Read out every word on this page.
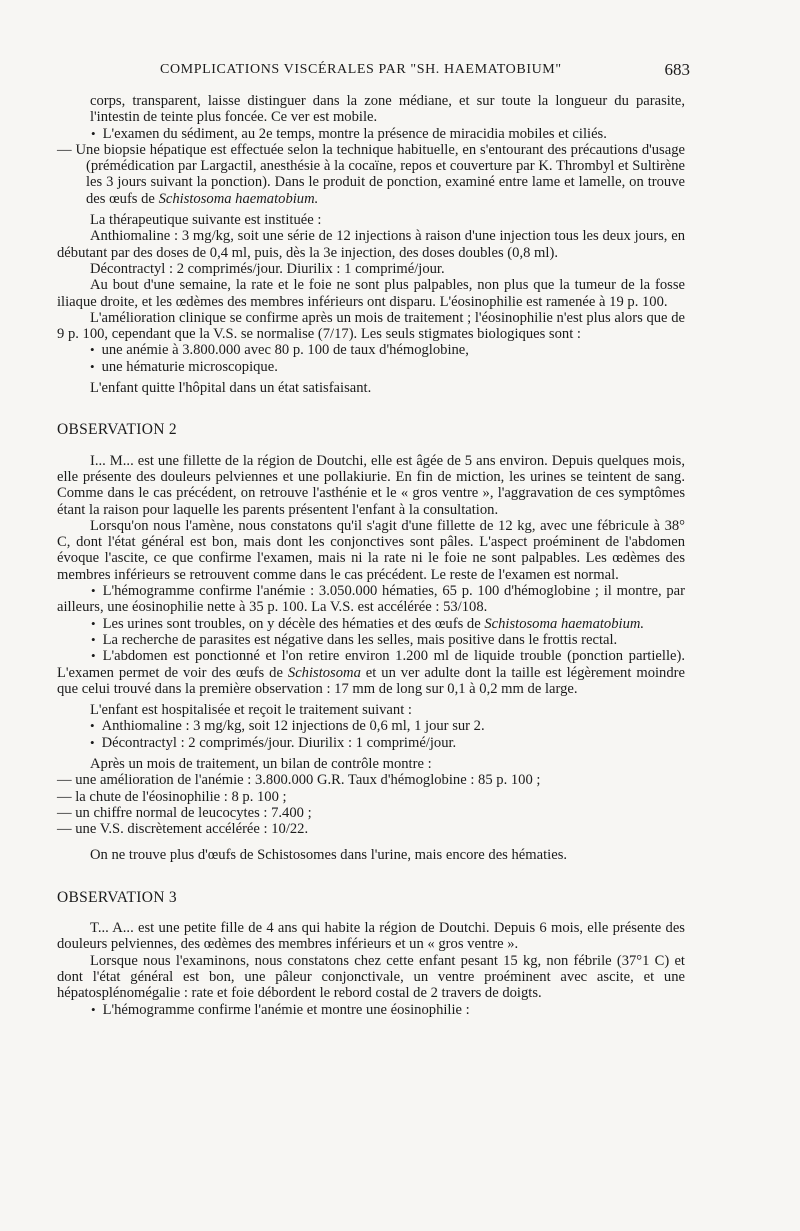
COMPLICATIONS VISCÉRALES PAR "SH. HAEMATOBIUM"	683

corps, transparent, laisse distinguer dans la zone médiane, et sur toute la longueur du parasite, l'intestin de teinte plus foncée. Ce ver est mobile.

• L'examen du sédiment, au 2e temps, montre la présence de miracidia mobiles et ciliés.

— Une biopsie hépatique est effectuée selon la technique habituelle, en s'entourant des précautions d'usage (prémédication par Largactil, anesthésie à la cocaïne, repos et couverture par K. Thrombyl et Sultirène les 3 jours suivant la ponction). Dans le produit de ponction, examiné entre lame et lamelle, on trouve des œufs de Schistosoma haematobium.

La thérapeutique suivante est instituée :

Anthiomaline : 3 mg/kg, soit une série de 12 injections à raison d'une injection tous les deux jours, en débutant par des doses de 0,4 ml, puis, dès la 3e injection, des doses doubles (0,8 ml).

Décontractyl : 2 comprimés/jour. Diurilix : 1 comprimé/jour.

Au bout d'une semaine, la rate et le foie ne sont plus palpables, non plus que la tumeur de la fosse iliaque droite, et les œdèmes des membres inférieurs ont disparu. L'éosinophilie est ramenée à 19 p. 100.

L'amélioration clinique se confirme après un mois de traitement ; l'éosinophilie n'est plus alors que de 9 p. 100, cependant que la V.S. se normalise (7/17). Les seuls stigmates biologiques sont :

• une anémie à 3.800.000 avec 80 p. 100 de taux d'hémoglobine,

• une hématurie microscopique.

L'enfant quitte l'hôpital dans un état satisfaisant.

OBSERVATION 2

I... M... est une fillette de la région de Doutchi, elle est âgée de 5 ans environ. Depuis quelques mois, elle présente des douleurs pelviennes et une pollakiurie. En fin de miction, les urines se teintent de sang. Comme dans le cas précédent, on retrouve l'asthénie et le « gros ventre », l'aggravation de ces symptômes étant la raison pour laquelle les parents présentent l'enfant à la consultation.

Lorsqu'on nous l'amène, nous constatons qu'il s'agit d'une fillette de 12 kg, avec une fébricule à 38° C, dont l'état général est bon, mais dont les conjonctives sont pâles. L'aspect proéminent de l'abdomen évoque l'ascite, ce que confirme l'examen, mais ni la rate ni le foie ne sont palpables. Les œdèmes des membres inférieurs se retrouvent comme dans le cas précédent. Le reste de l'examen est normal.

• L'hémogramme confirme l'anémie : 3.050.000 hématies, 65 p. 100 d'hémoglobine ; il montre, par ailleurs, une éosinophilie nette à 35 p. 100. La V.S. est accélérée : 53/108.

• Les urines sont troubles, on y décèle des hématies et des œufs de Schistosoma haematobium.

• La recherche de parasites est négative dans les selles, mais positive dans le frottis rectal.

• L'abdomen est ponctionné et l'on retire environ 1.200 ml de liquide trouble (ponction partielle). L'examen permet de voir des œufs de Schistosoma et un ver adulte dont la taille est légèrement moindre que celui trouvé dans la première observation : 17 mm de long sur 0,1 à 0,2 mm de large.

L'enfant est hospitalisée et reçoit le traitement suivant :

• Anthiomaline : 3 mg/kg, soit 12 injections de 0,6 ml, 1 jour sur 2.

• Décontractyl : 2 comprimés/jour. Diurilix : 1 comprimé/jour.

Après un mois de traitement, un bilan de contrôle montre :

— une amélioration de l'anémie : 3.800.000 G.R. Taux d'hémoglobine : 85 p. 100 ;

— la chute de l'éosinophilie : 8 p. 100 ;

— un chiffre normal de leucocytes : 7.400 ;

— une V.S. discrètement accélérée : 10/22.

On ne trouve plus d'œufs de Schistosomes dans l'urine, mais encore des hématies.

OBSERVATION 3

T... A... est une petite fille de 4 ans qui habite la région de Doutchi. Depuis 6 mois, elle présente des douleurs pelviennes, des œdèmes des membres inférieurs et un « gros ventre ».

Lorsque nous l'examinons, nous constatons chez cette enfant pesant 15 kg, non fébrile (37°1 C) et dont l'état général est bon, une pâleur conjonctivale, un ventre proéminent avec ascite, et une hépatosplénomégalie : rate et foie débordent le rebord costal de 2 travers de doigts.

• L'hémogramme confirme l'anémie et montre une éosinophilie :
